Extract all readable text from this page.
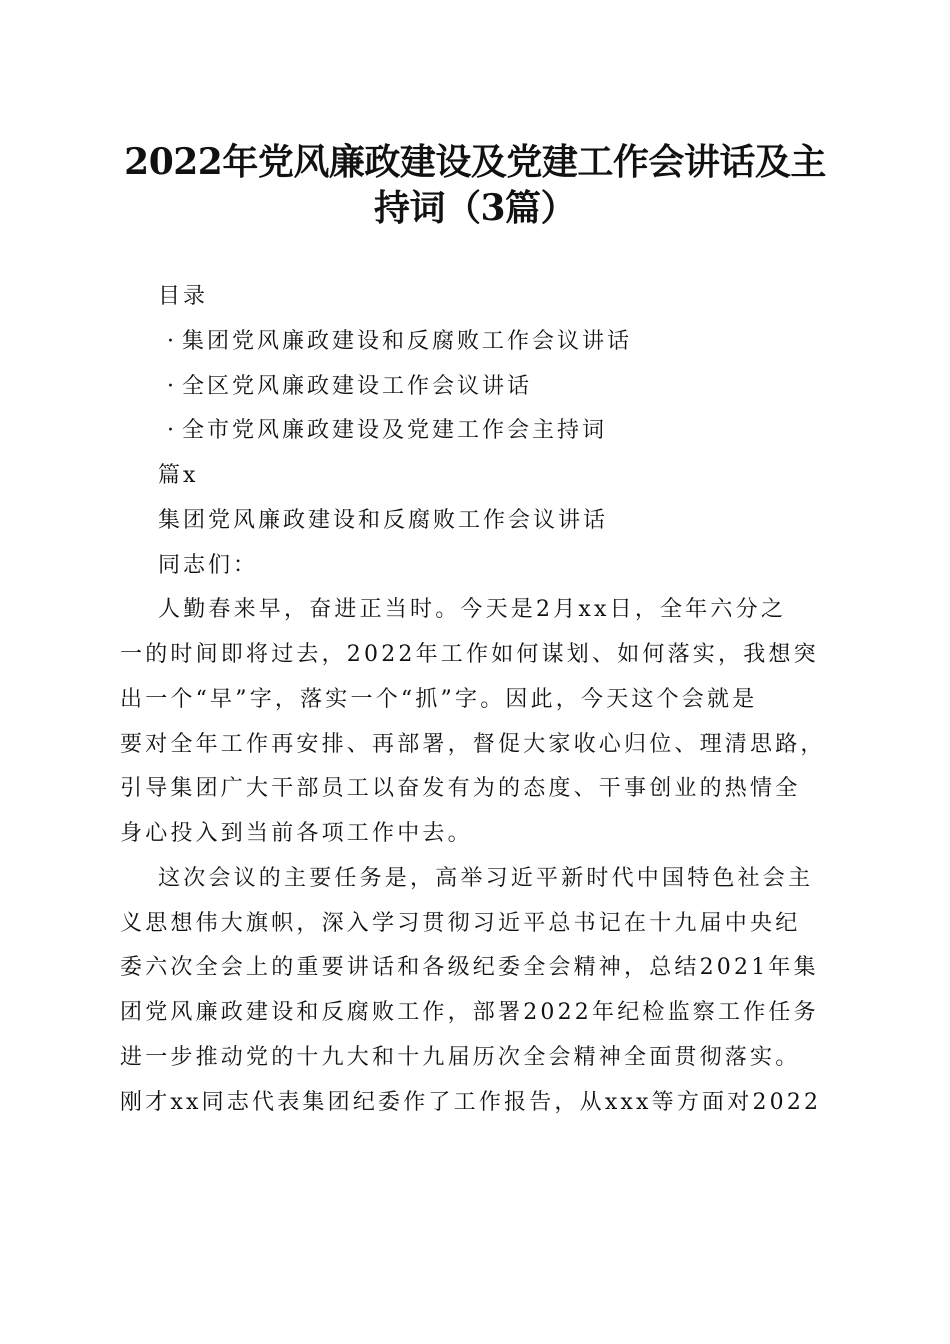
2022年党风廉政建设及党建工作会讲话及主
持词（3篇）
目录
· 集团党风廉政建设和反腐败工作会议讲话
· 全区党风廉政建设工作会议讲话
· 全市党风廉政建设及党建工作会主持词
篇x
集团党风廉政建设和反腐败工作会议讲话
同志们：
人勤春来早，奋进正当时。今天是2月xx日，全年六分之
一的时间即将过去，2022年工作如何谋划、如何落实，我想突
出一个“早”字，落实一个“抓”字。因此，今天这个会就是
要对全年工作再安排、再部署，督促大家收心归位、理清思路，
引导集团广大干部员工以奋发有为的态度、干事创业的热情全
身心投入到当前各项工作中去。
这次会议的主要任务是，高举习近平新时代中国特色社会主
义思想伟大旗帜，深入学习贯彻习近平总书记在十九届中央纪
委六次全会上的重要讲话和各级纪委全会精神，总结2021年集
团党风廉政建设和反腐败工作，部署2022年纪检监察工作任务
进一步推动党的十九大和十九届历次全会精神全面贯彻落实。
刚才xx同志代表集团纪委作了工作报告，从xxx等方面对2022
